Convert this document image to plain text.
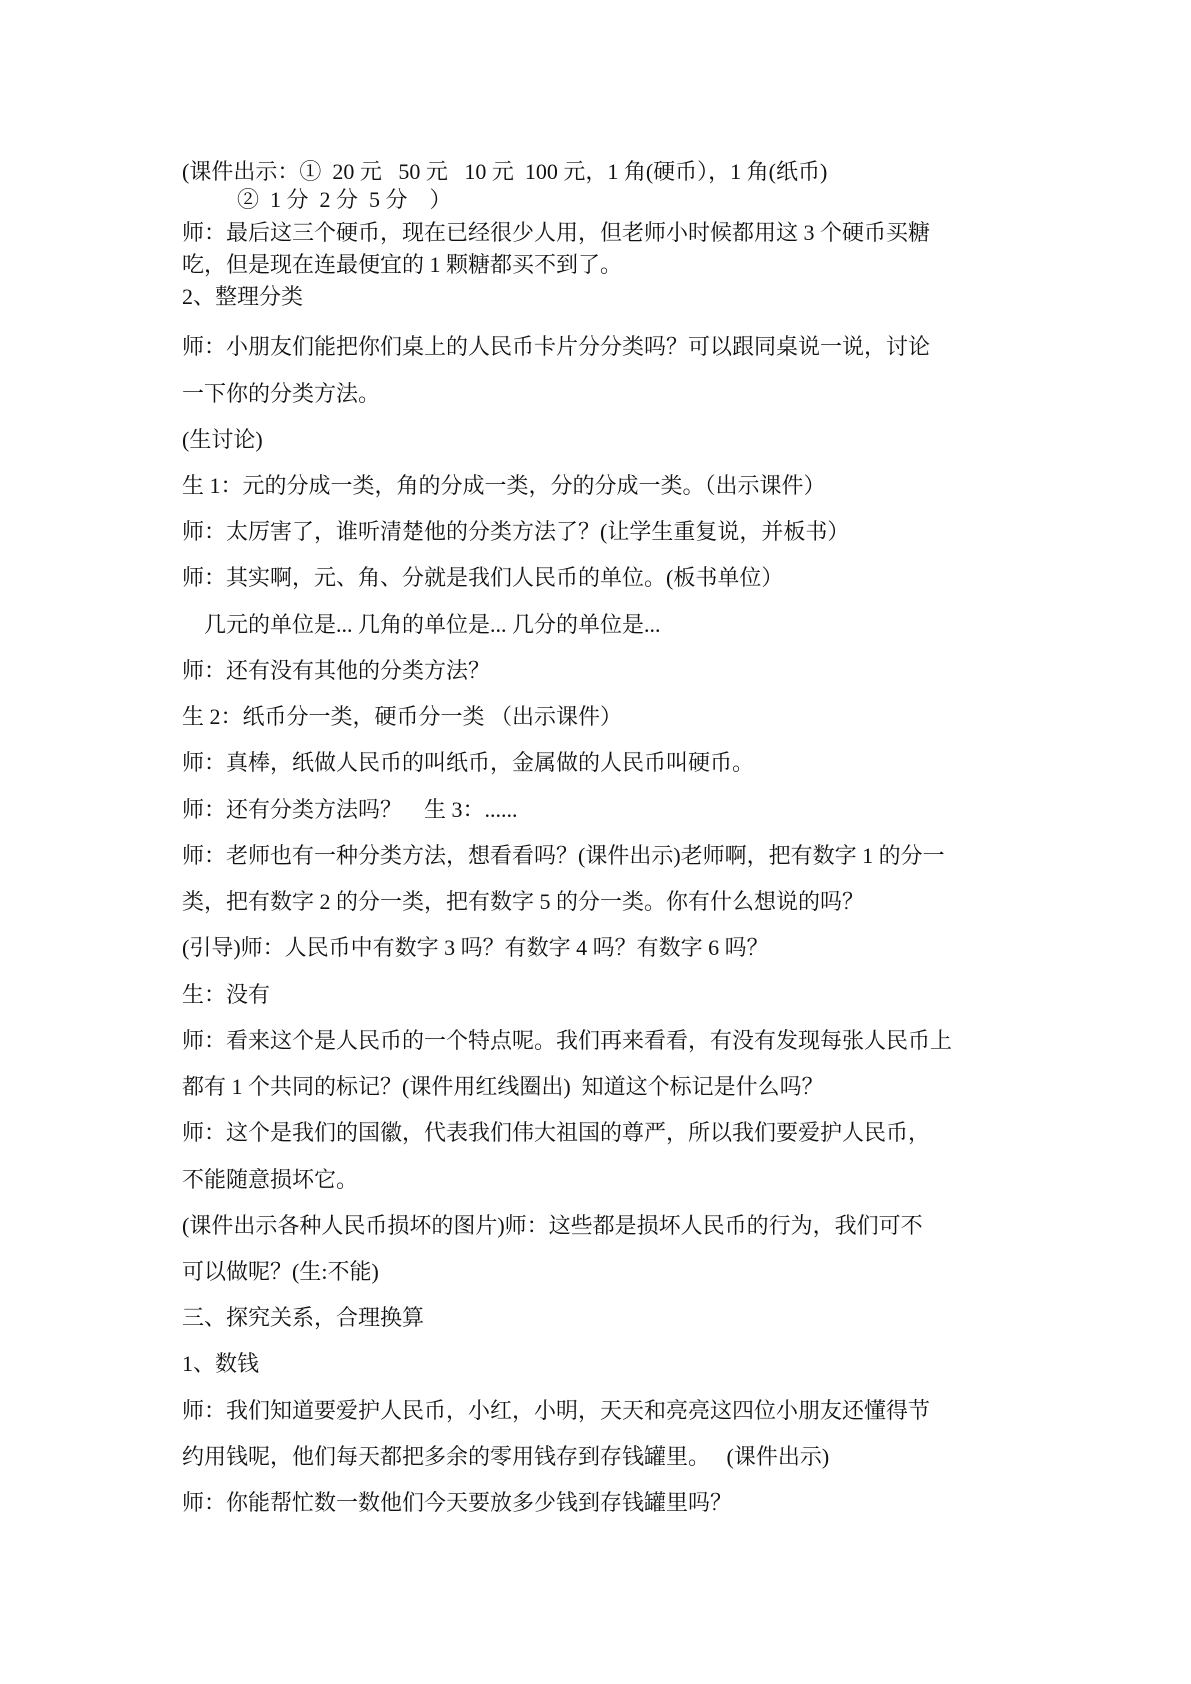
(课件出示：①  20 元   50 元   10 元  100 元，1 角(硬币），1 角(纸币)

②  1 分  2 分  5 分    ）

师：最后这三个硬币，现在已经很少人用，但老师小时候都用这 3 个硬币买糖

吃，但是现在连最便宜的 1 颗糖都买不到了。

2、整理分类

师：小朋友们能把你们桌上的人民币卡片分分类吗？可以跟同桌说一说，讨论

一下你的分类方法。

(生讨论)

生 1：元的分成一类，角的分成一类，分的分成一类。（出示课件）

师：太厉害了，谁听清楚他的分类方法了？(让学生重复说，并板书）

师：其实啊，元、角、分就是我们人民币的单位。(板书单位）

几元的单位是... 几角的单位是... 几分的单位是...

师：还有没有其他的分类方法？

生 2：纸币分一类，硬币分一类 （出示课件）

师：真棒，纸做人民币的叫纸币，金属做的人民币叫硬币。

师：还有分类方法吗？    生 3：......

师：老师也有一种分类方法，想看看吗？(课件出示)老师啊，把有数字 1 的分一

类，把有数字 2 的分一类，把有数字 5 的分一类。你有什么想说的吗？

(引导)师：人民币中有数字 3 吗？有数字 4 吗？有数字 6 吗？

生：没有

师：看来这个是人民币的一个特点呢。我们再来看看，有没有发现每张人民币上

都有 1 个共同的标记？(课件用红线圈出)  知道这个标记是什么吗？

师：这个是我们的国徽，代表我们伟大祖国的尊严，所以我们要爱护人民币，

不能随意损坏它。

(课件出示各种人民币损坏的图片)师：这些都是损坏人民币的行为，我们可不

可以做呢？(生:不能)

三、探究关系，合理换算

1、数钱

师：我们知道要爱护人民币，小红，小明，天天和亮亮这四位小朋友还懂得节

约用钱呢，他们每天都把多余的零用钱存到存钱罐里。   (课件出示)

师：你能帮忙数一数他们今天要放多少钱到存钱罐里吗？
